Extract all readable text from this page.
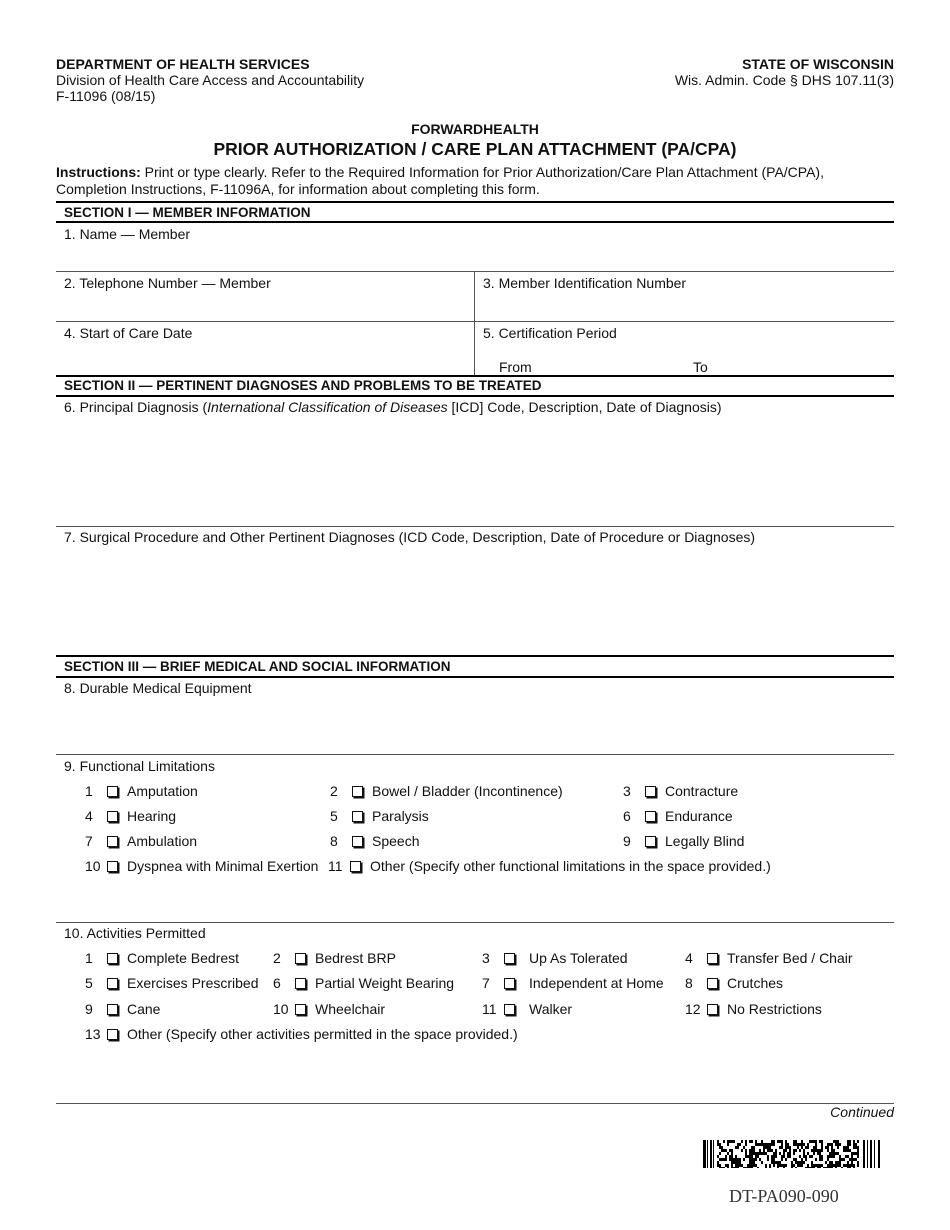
DEPARTMENT OF HEALTH SERVICES
Division of Health Care Access and Accountability
F-11096 (08/15)
STATE OF WISCONSIN
Wis. Admin. Code § DHS 107.11(3)
FORWARDHEALTH
PRIOR AUTHORIZATION / CARE PLAN ATTACHMENT (PA/CPA)
Instructions: Print or type clearly. Refer to the Required Information for Prior Authorization/Care Plan Attachment (PA/CPA),
Completion Instructions, F-11096A, for information about completing this form.
SECTION I — MEMBER INFORMATION
1. Name — Member
2. Telephone Number — Member	3. Member Identification Number
4. Start of Care Date	5. Certification Period
From	To
SECTION II — PERTINENT DIAGNOSES AND PROBLEMS TO BE TREATED
6. Principal Diagnosis (International Classification of Diseases [ICD] Code, Description, Date of Diagnosis)
7. Surgical Procedure and Other Pertinent Diagnoses (ICD Code, Description, Date of Procedure or Diagnoses)
SECTION III — BRIEF MEDICAL AND SOCIAL INFORMATION
8. Durable Medical Equipment
9. Functional Limitations
1 Amputation	2 Bowel / Bladder (Incontinence)	3 Contracture
4 Hearing	5 Paralysis	6 Endurance
7 Ambulation	8 Speech	9 Legally Blind
10 Dyspnea with Minimal Exertion 11 Other (Specify other functional limitations in the space provided.)
10. Activities Permitted
1 Complete Bedrest 2 Bedrest BRP	3	Up As Tolerated	4 Transfer Bed / Chair
5 Exercises Prescribed 6 Partial Weight Bearing 7	Independent at Home 8 Crutches
9 Cane	10 Wheelchair	11 Walker	12 No Restrictions
13 Other (Specify other activities permitted in the space provided.)
Continued
DT-PA090-090
